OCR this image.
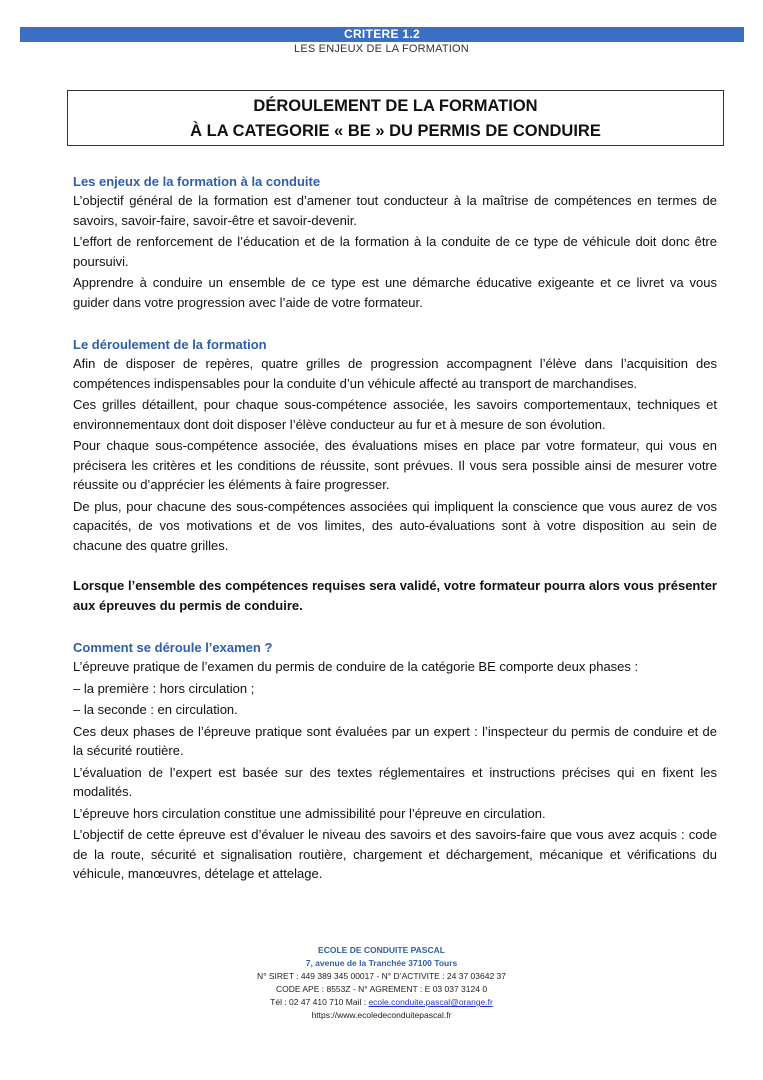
CRITERE 1.2
LES ENJEUX DE LA FORMATION
DÉROULEMENT DE LA FORMATION
À LA CATEGORIE « BE » DU PERMIS DE CONDUIRE

Les enjeux de la formation à la conduite

L’objectif général de la formation est d’amener tout conducteur à la maîtrise de compétences en termes de savoirs, savoir-faire, savoir-être et savoir-devenir.

L’effort de renforcement de l’éducation et de la formation à la conduite de ce type de véhicule doit donc être poursuivi.

Apprendre à conduire un ensemble de ce type est une démarche éducative exigeante et ce livret va vous guider dans votre progression avec l’aide de votre formateur.

Le déroulement de la formation

Afin de disposer de repères, quatre grilles de progression accompagnent l’élève dans l’acquisition des compétences indispensables pour la conduite d’un véhicule affecté au transport de marchandises.

Ces grilles détaillent, pour chaque sous-compétence associée, les savoirs comportementaux, techniques et environnementaux dont doit disposer l’élève conducteur au fur et à mesure de son évolution.

Pour chaque sous-compétence associée, des évaluations mises en place par votre formateur, qui vous en précisera les critères et les conditions de réussite, sont prévues. Il vous sera possible ainsi de mesurer votre réussite ou d’apprécier les éléments à faire progresser.

De plus, pour chacune des sous-compétences associées qui impliquent la conscience que vous aurez de vos capacités, de vos motivations et de vos limites, des auto-évaluations sont à votre disposition au sein de chacune des quatre grilles.

Lorsque l’ensemble des compétences requises sera validé, votre formateur pourra alors vous présenter aux épreuves du permis de conduire.

Comment se déroule l’examen ?

L’épreuve pratique de l’examen du permis de conduire de la catégorie BE comporte deux phases :

– la première : hors circulation ;

– la seconde : en circulation.

Ces deux phases de l’épreuve pratique sont évaluées par un expert : l’inspecteur du permis de conduire et de la sécurité routière.

L’évaluation de l’expert est basée sur des textes réglementaires et instructions précises qui en fixent les modalités.

L’épreuve hors circulation constitue une admissibilité pour l’épreuve en circulation.

L’objectif de cette épreuve est d’évaluer le niveau des savoirs et des savoirs-faire que vous avez acquis : code de la route, sécurité et signalisation routière, chargement et déchargement, mécanique et vérifications du véhicule, manœuvres, dételage et attelage.

ECOLE DE CONDUITE PASCAL
7, avenue de la Tranchée 37100 Tours
N° SIRET : 449 389 345 00017 - N° D’ACTIVITE : 24 37 03642 37
CODE APE : 8553Z - N° AGREMENT : E 03 037 3124 0
Tél : 02 47 410 710 Mail : ecole.conduite.pascal@orange.fr
https://www.ecoledeconduitepascal.fr
